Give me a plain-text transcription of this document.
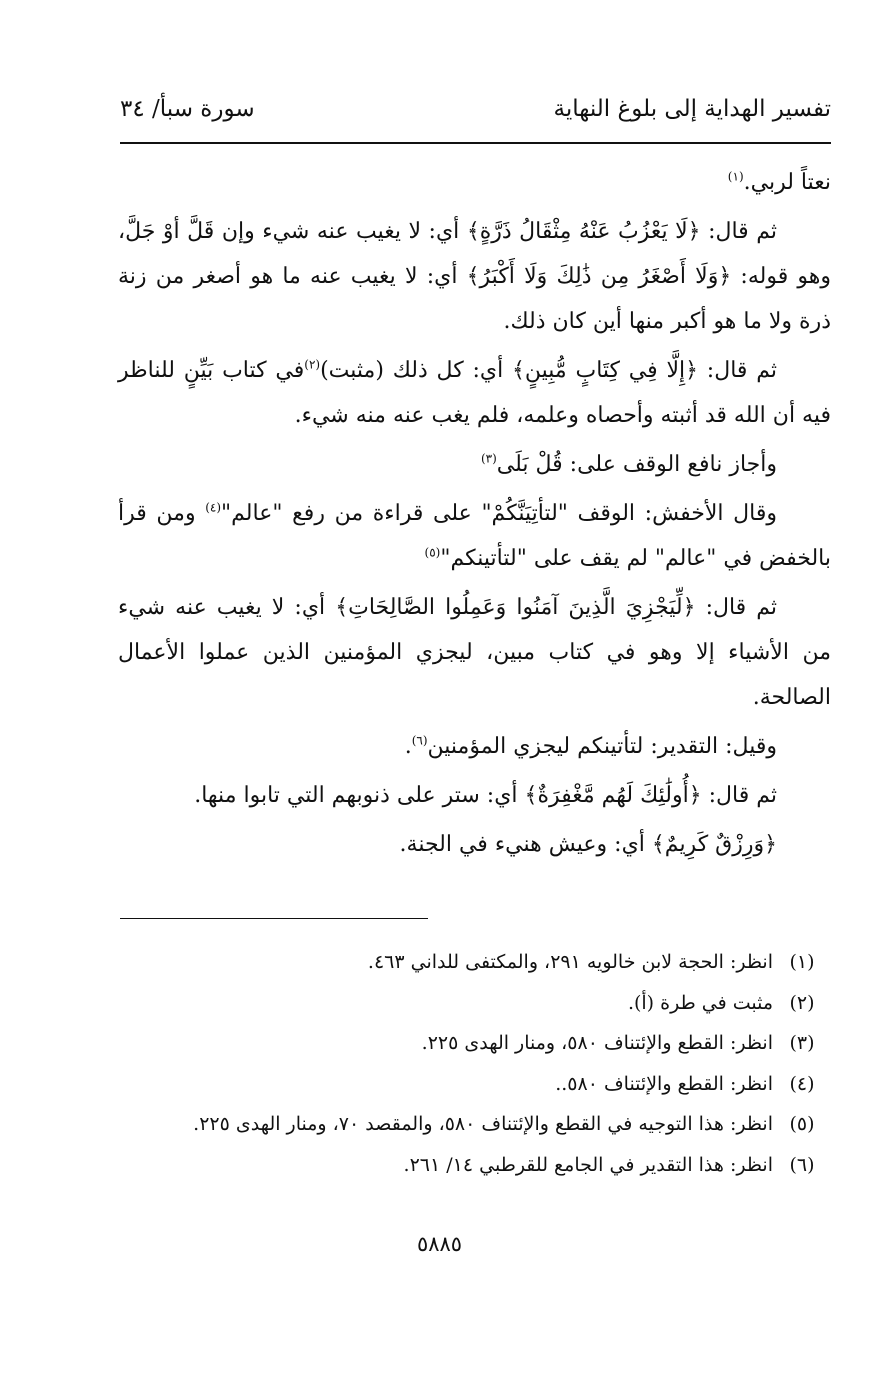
تفسير الهداية إلى بلوغ النهاية
سورة سبأ/ ٣٤

نعتاً لربي.$^{(١)}$

ثم قال: ﴿لَا يَعْزُبُ عَنْهُ مِثْقَالُ ذَرَّةٍ﴾ أي: لا يغيب عنه شيء وإن قَلَّ أوْ جَلَّ، وهو قوله: ﴿وَلَا أَصْغَرُ مِن ذَٰلِكَ وَلَا أَكْبَرُ﴾ أي: لا يغيب عنه ما هو أصغر من زنة ذرة ولا ما هو أكبر منها أين كان ذلك.

ثم قال: ﴿إِلَّا فِي كِتَابٍ مُّبِينٍ﴾ أي: كل ذلك (مثبت)$^{(٢)}$في كتاب بَيِّنٍ للناظر فيه أن الله قد أثبته وأحصاه وعلمه، فلم يغب عنه منه شيء.

وأجاز نافع الوقف على: قُلْ بَلَى$^{(٣)}$

وقال الأخفش: الوقف "لتأتِيَنَّكُمْ" على قراءة من رفع "عالم"$^{(٤)}$ ومن قرأ بالخفض في "عالم" لم يقف على "لتأتينكم"$^{(٥)}$

ثم قال: ﴿لِّيَجْزِيَ الَّذِينَ آمَنُوا وَعَمِلُوا الصَّالِحَاتِ﴾ أي: لا يغيب عنه شيء من الأشياء إلا وهو في كتاب مبين، ليجزي المؤمنين الذين عملوا الأعمال الصالحة.

وقيل: التقدير: لتأتينكم ليجزي المؤمنين$^{(٦)}$.

ثم قال: ﴿أُولَٰئِكَ لَهُم مَّغْفِرَةٌ﴾ أي: ستر على ذنوبهم التي تابوا منها.

﴿وَرِزْقٌ كَرِيمٌ﴾ أي: وعيش هنيء في الجنة.

(١)
انظر: الحجة لابن خالويه ٢٩١، والمكتفى للداني ٤٦٣.
(٢)
مثبت في طرة (أ).
(٣)
انظر: القطع والإئتناف ٥٨٠، ومنار الهدى ٢٢٥.
(٤)
انظر: القطع والإئتناف ٥٨٠..
(٥)
انظر: هذا التوجيه في القطع والإئتناف ٥٨٠، والمقصد ٧٠، ومنار الهدى ٢٢٥.
(٦)
انظر: هذا التقدير في الجامع للقرطبي ١٤/ ٢٦١.
٥٨٨٥
